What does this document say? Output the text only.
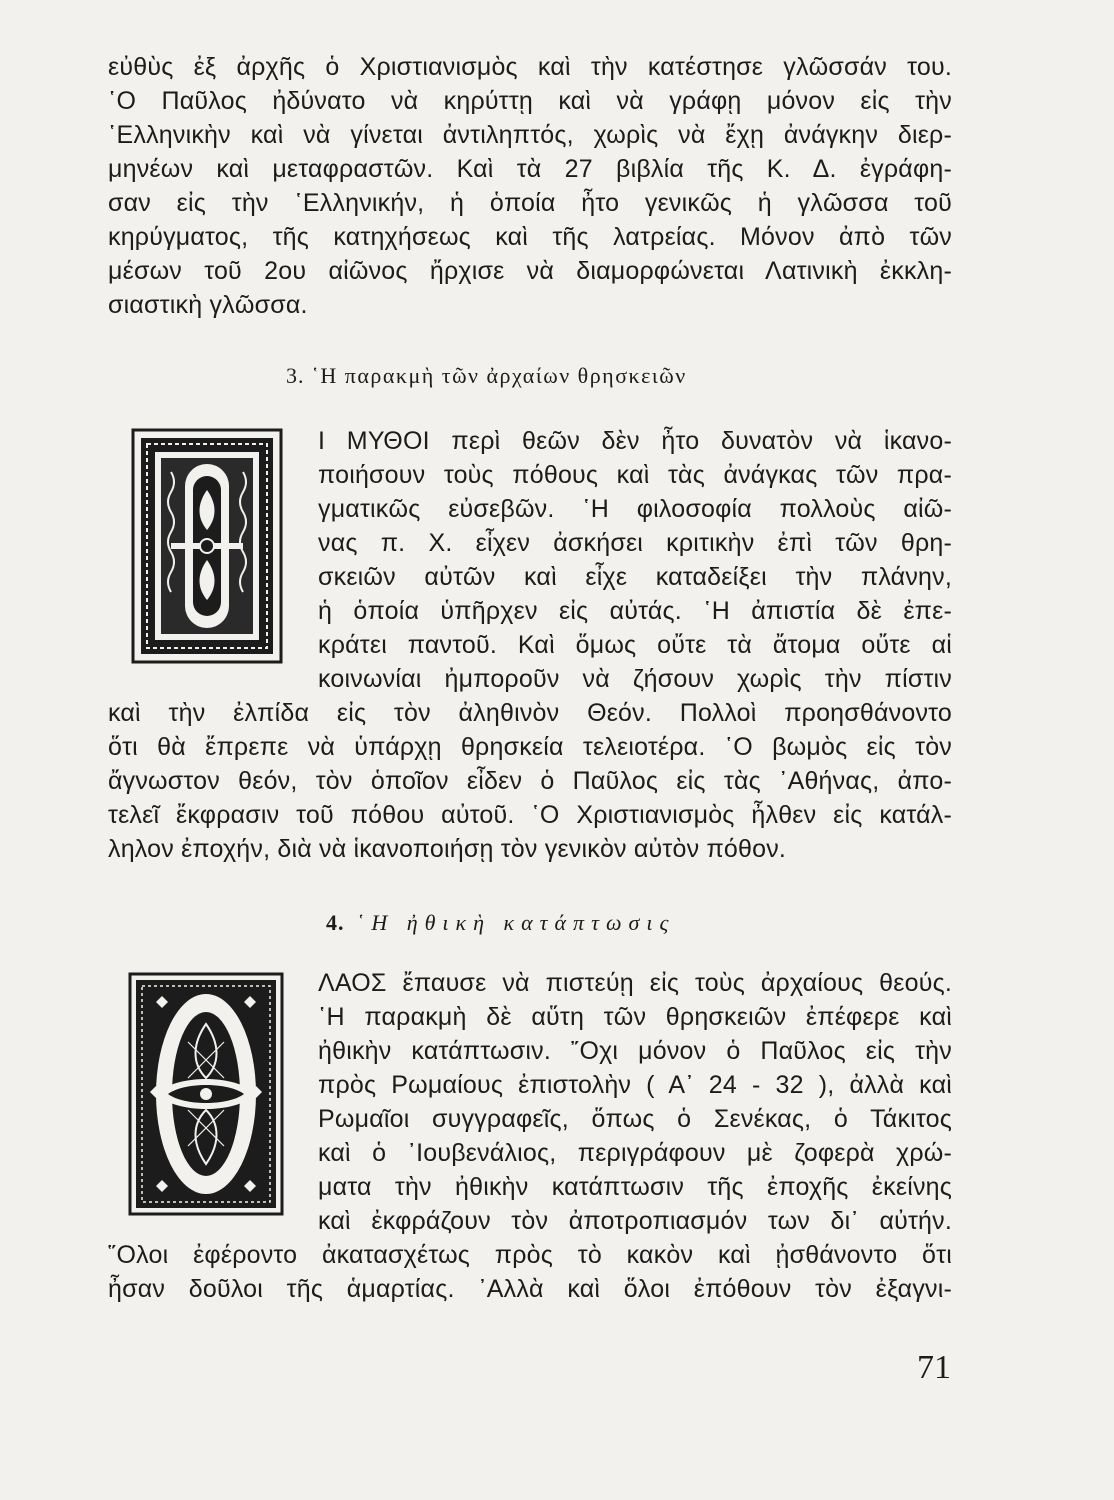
εὐθὺς ἐξ ἀρχῆς ὁ Χριστιανισμὸς καὶ τὴν κατέστησε γλῶσσάν του.
῾Ο Παῦλος ἠδύνατο νὰ κηρύττῃ καὶ νὰ γράφῃ μόνον εἰς τὴν
῾Ελληνικὴν καὶ νὰ γίνεται ἀντιληπτός, χωρὶς νὰ ἔχῃ ἀνάγκην διερ-
μηνέων καὶ μεταφραστῶν. Καὶ τὰ 27 βιβλία τῆς Κ. Δ. ἐγράφη-
σαν εἰς τὴν ῾Ελληνικήν, ἡ ὁποία ἦτο γενικῶς ἡ γλῶσσα τοῦ
κηρύγματος, τῆς κατηχήσεως καὶ τῆς λατρείας. Μόνον ἀπὸ τῶν
μέσων τοῦ 2ου αἰῶνος ἤρχισε νὰ διαμορφώνεται Λατινικὴ ἐκκλη-
σιαστικὴ γλῶσσα.
3. ῾Η παρακμὴ τῶν ἀρχαίων θρησκειῶν
Ι ΜΥΘΟΙ περὶ θεῶν δὲν ἦτο δυνατὸν νὰ ἱκανο-
ποιήσουν τοὺς πόθους καὶ τὰς ἀνάγκας τῶν πρα-
γματικῶς εὐσεβῶν. ῾Η φιλοσοφία πολλοὺς αἰῶ-
νας π. Χ. εἶχεν ἀσκήσει κριτικὴν ἐπὶ τῶν θρη-
σκειῶν αὐτῶν καὶ εἶχε καταδείξει τὴν πλάνην,
ἡ ὁποία ὑπῆρχεν εἰς αὐτάς. ῾Η ἀπιστία δὲ ἐπε-
κράτει παντοῦ. Καὶ ὅμως οὔτε τὰ ἄτομα οὔτε αἱ
κοινωνίαι ἠμποροῦν νὰ ζήσουν χωρὶς τὴν πίστιν
καὶ τὴν ἐλπίδα εἰς τὸν ἀληθινὸν Θεόν. Πολλοὶ προησθάνοντο
ὅτι θὰ ἔπρεπε νὰ ὑπάρχῃ θρησκεία τελειοτέρα. ῾Ο βωμὸς εἰς τὸν
ἄγνωστον θεόν, τὸν ὁποῖον εἶδεν ὁ Παῦλος εἰς τὰς ᾿Αθήνας, ἀπο-
τελεῖ ἔκφρασιν τοῦ πόθου αὐτοῦ. ῾Ο Χριστιανισμὸς ἦλθεν εἰς κατάλ-
ληλον ἐποχήν, διὰ νὰ ἱκανοποιήσῃ τὸν γενικὸν αὐτὸν πόθον.
4. ῾Η ἠθικὴ κατάπτωσις
ΛΑΟΣ ἔπαυσε νὰ πιστεύῃ εἰς τοὺς ἀρχαίους θεούς.
῾Η παρακμὴ δὲ αὕτη τῶν θρησκειῶν ἐπέφερε καὶ
ἠθικὴν κατάπτωσιν. ῎Οχι μόνον ὁ Παῦλος εἰς τὴν
πρὸς Ρωμαίους ἐπιστολὴν ( Α᾿ 24 - 32 ), ἀλλὰ καὶ
Ρωμαῖοι συγγραφεῖς, ὅπως ὁ Σενέκας, ὁ Τάκιτος
καὶ ὁ ᾿Ιουβενάλιος, περιγράφουν μὲ ζοφερὰ χρώ-
ματα τὴν ἠθικὴν κατάπτωσιν τῆς ἐποχῆς ἐκείνης
καὶ ἐκφράζουν τὸν ἀποτροπιασμόν των δι᾿ αὐτήν.
῞Ολοι ἐφέροντο ἀκατασχέτως πρὸς τὸ κακὸν καὶ ᾐσθάνοντο ὅτι
ἦσαν δοῦλοι τῆς ἁμαρτίας. ᾿Αλλὰ καὶ ὅλοι ἐπόθουν τὸν ἐξαγνι-
71
